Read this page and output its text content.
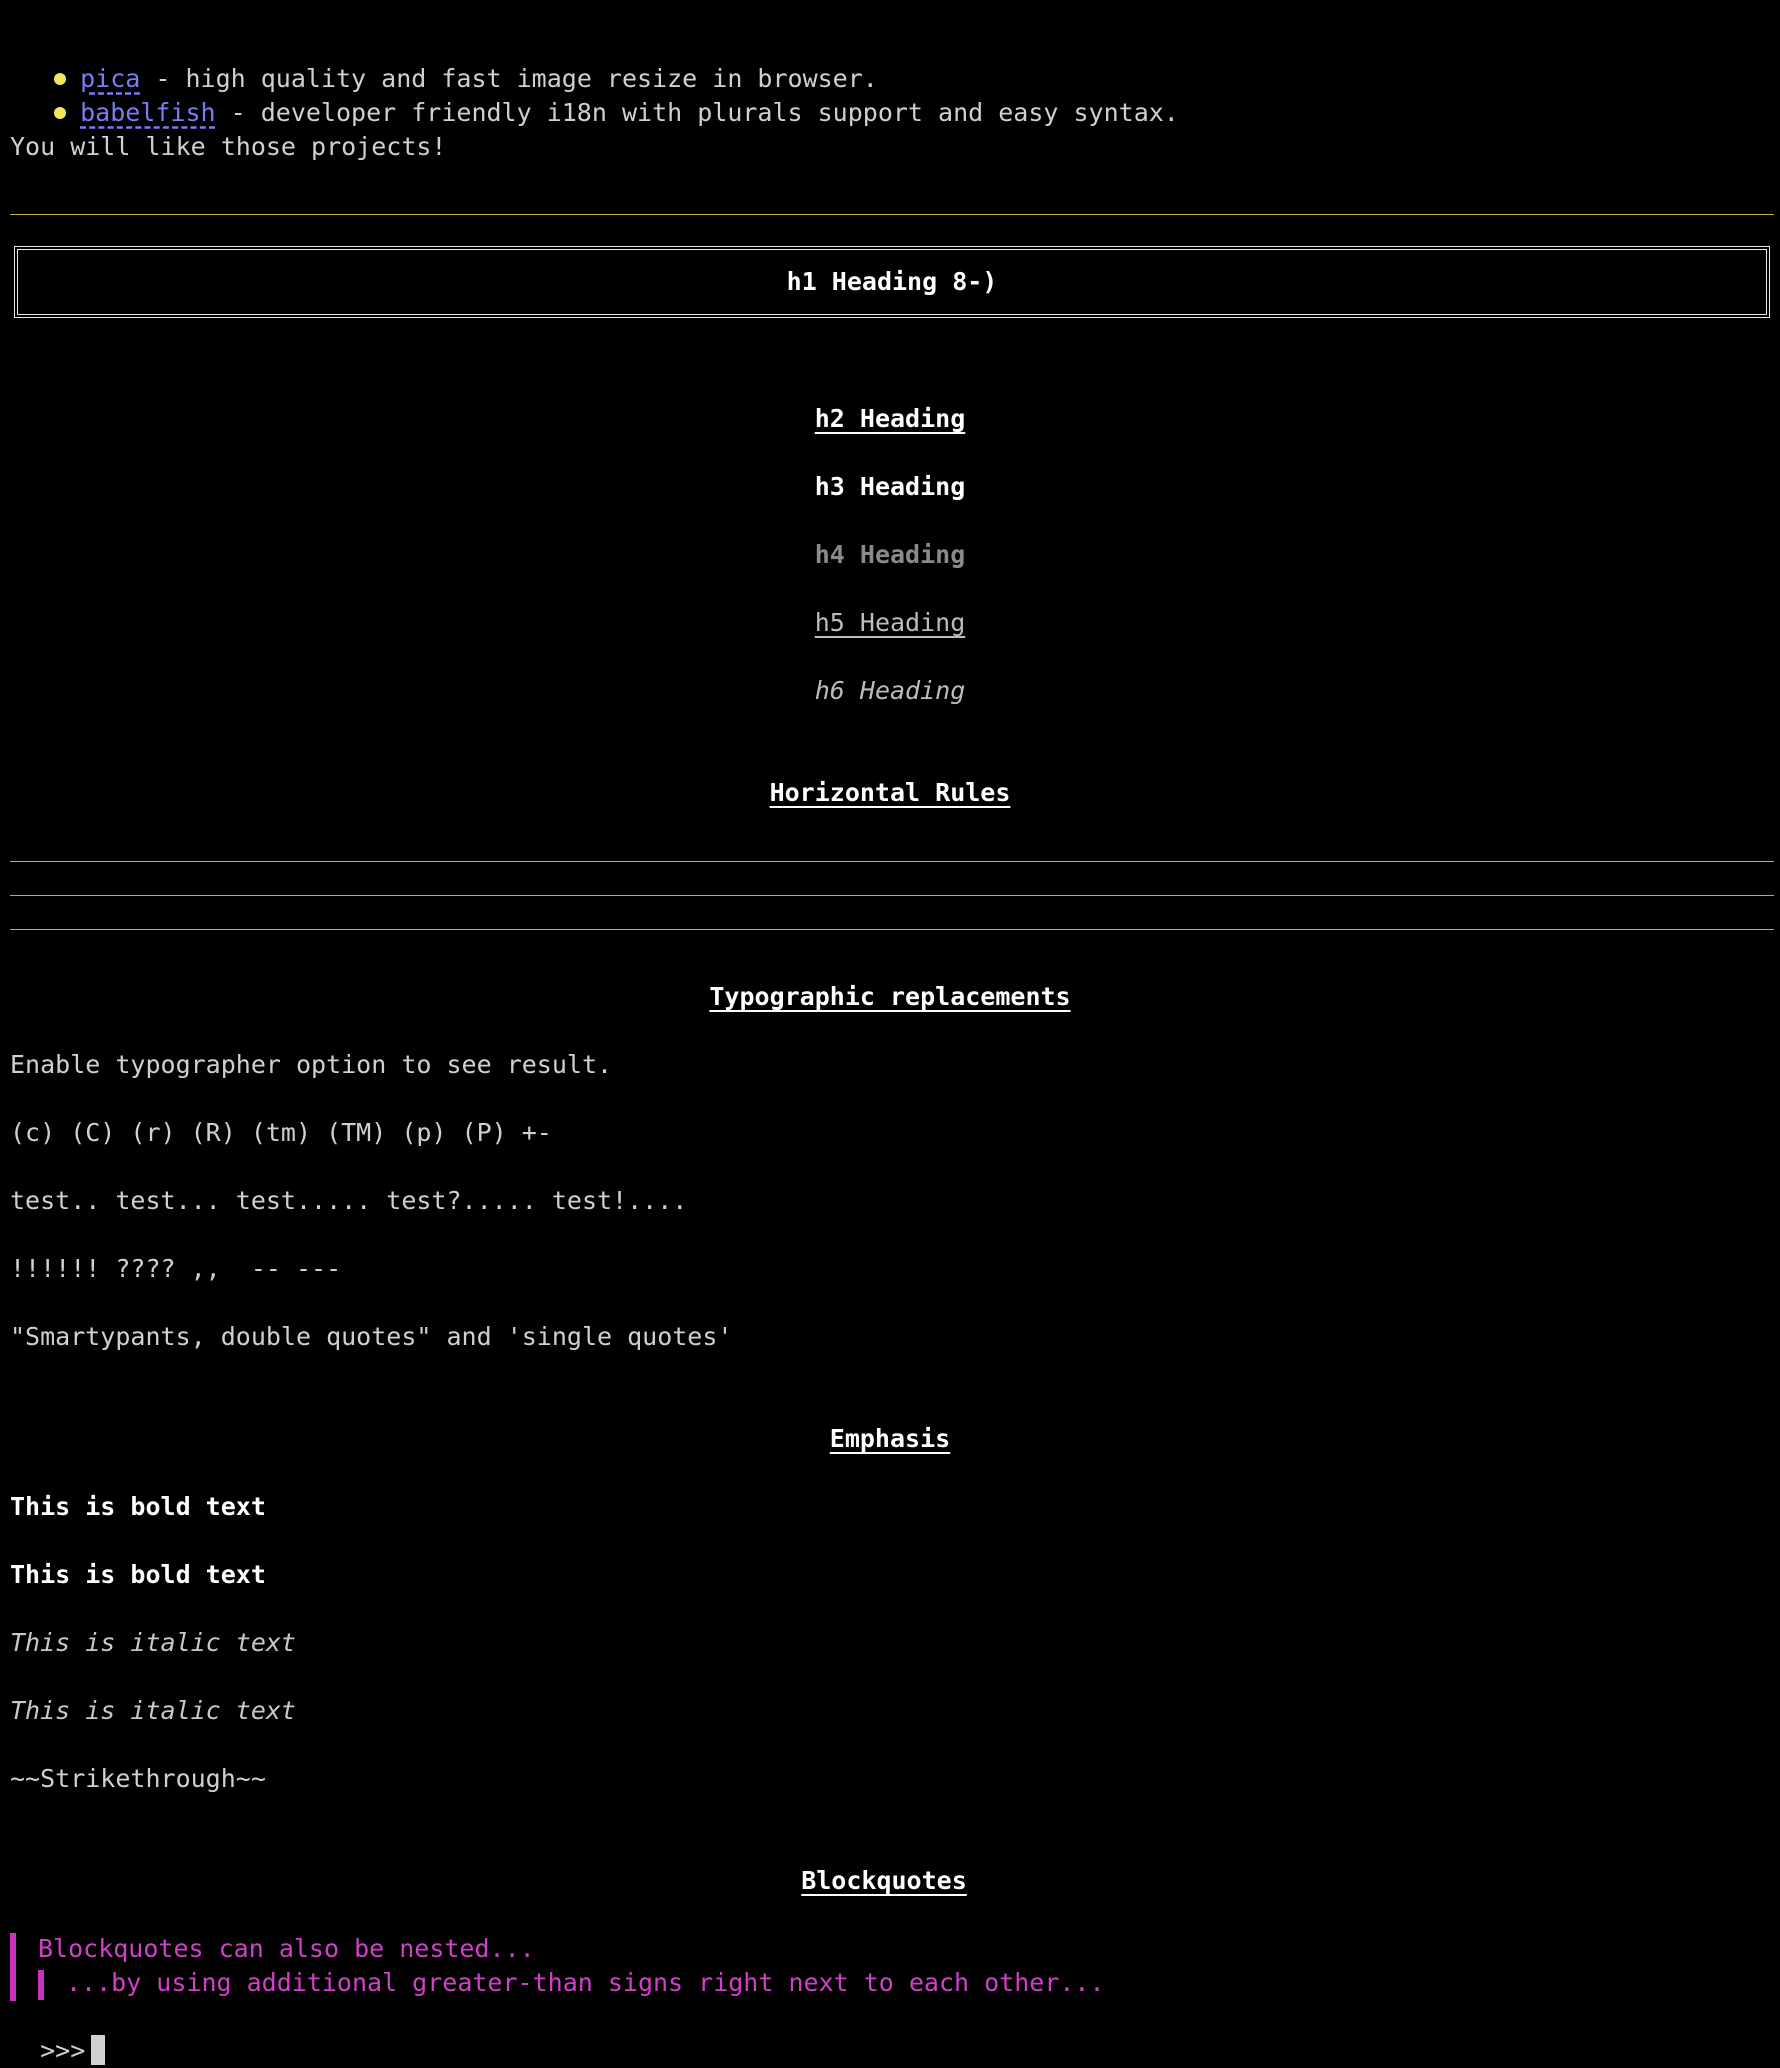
pica - high quality and fast image resize in browser.

babelfish - developer friendly i18n with plurals support and easy syntax.

You will like those projects!
h1 Heading 8-)
h2 Heading
h3 Heading
h4 Heading
h5 Heading
h6 Heading
Horizontal Rules
Typographic replacements
Enable typographer option to see result.
(c) (C) (r) (R) (tm) (TM) (p) (P) +-
test.. test... test..... test?..... test!....
!!!!!! ???? ,,  -- ---
"Smartypants, double quotes" and 'single quotes'
Emphasis
This is bold text
This is bold text
This is italic text
This is italic text
~~Strikethrough~~
Blockquotes
Blockquotes can also be nested...
...by using additional greater-than signs right next to each other...

>>>
